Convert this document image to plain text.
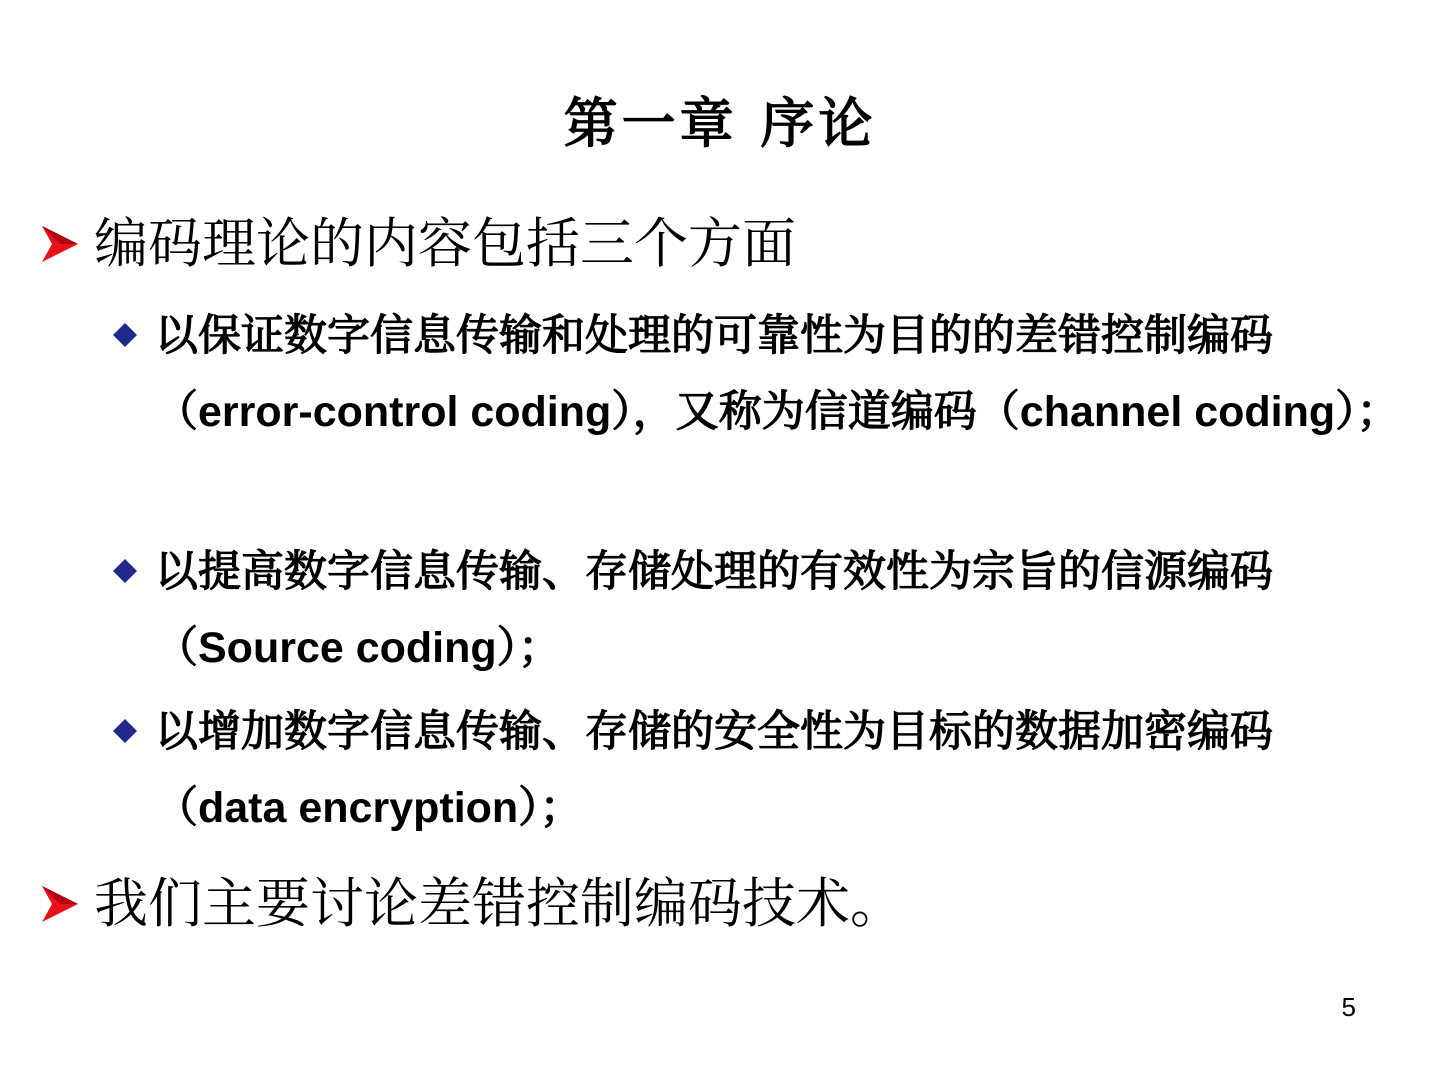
第一章 序论
编码理论的内容包括三个方面
以保证数字信息传输和处理的可靠性为目的的差错控制编码（error-control coding），又称为信道编码（channel coding）；
以提高数字信息传输、存储处理的有效性为宗旨的信源编码（Source coding）；
以增加数字信息传输、存储的安全性为目标的数据加密编码（data encryption）；
我们主要讨论差错控制编码技术。
5
